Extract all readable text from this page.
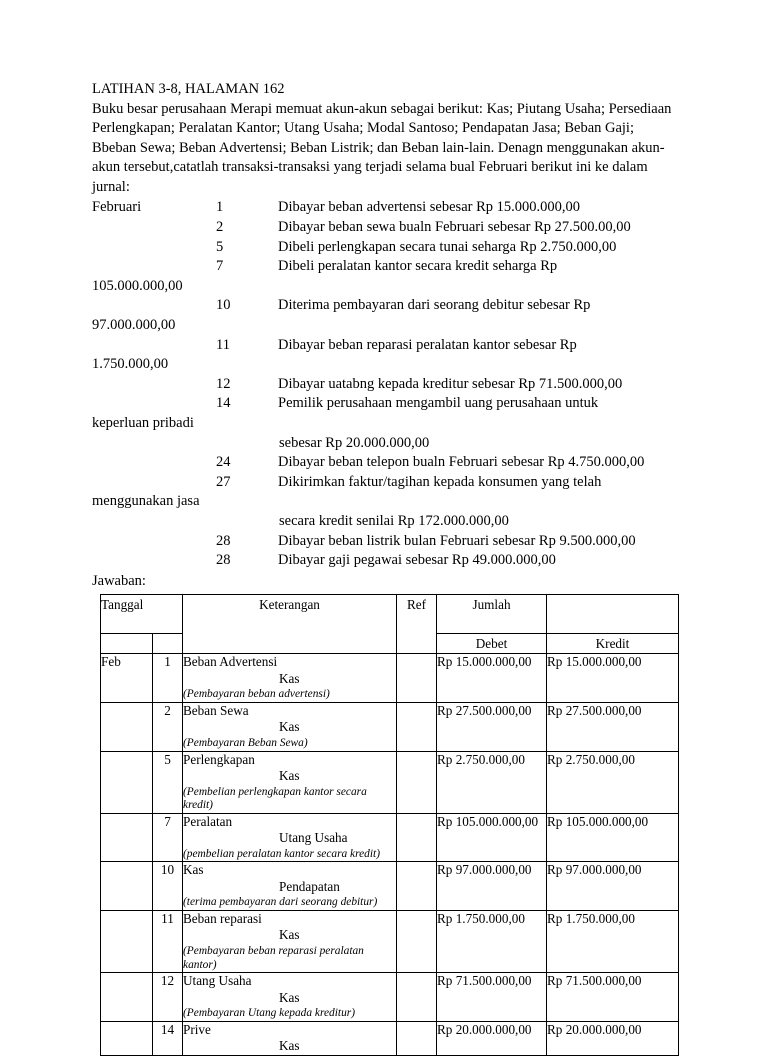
LATIHAN 3-8, HALAMAN 162

Buku besar perusahaan Merapi memuat akun-akun sebagai berikut: Kas; Piutang Usaha; Persediaan Perlengkapan; Peralatan Kantor; Utang Usaha; Modal Santoso; Pendapatan Jasa; Beban Gaji; Bbeban Sewa; Beban Advertensi; Beban Listrik; dan Beban lain-lain. Denagn menggunakan akun-akun tersebut,catatlah transaksi-transaksi yang terjadi selama bual Februari berikut ini ke dalam jurnal:

Februari	1	Dibayar beban advertensi sebesar Rp 15.000.000,00
2	Dibayar beban sewa bualn Februari sebesar Rp 27.500.00,00
5	Dibeli perlengkapan secara tunai seharga Rp 2.750.000,00
7	Dibeli peralatan kantor secara kredit seharga Rp
105.000.000,00
10	Diterima pembayaran dari seorang debitur sebesar Rp
97.000.000,00
11	Dibayar beban reparasi peralatan kantor sebesar Rp
1.750.000,00
12	Dibayar uatabng kepada kreditur sebesar Rp 71.500.000,00
14	Pemilik perusahaan mengambil uang perusahaan untuk
keperluan pribadi
sebesar Rp 20.000.000,00
24	Dibayar beban telepon bualn Februari sebesar Rp 4.750.000,00
27	Dikirimkan faktur/tagihan kepada konsumen yang telah
menggunakan jasa
secara kredit senilai Rp 172.000.000,00
28	Dibayar beban listrik bulan Februari sebesar Rp 9.500.000,00
28	Dibayar gaji pegawai sebesar Rp 49.000.000,00
Jawaban:
Tanggal		Keterangan	Ref	Jumlah	
				Debet	Kredit
Feb	1	Beban Advertensi
Kas
(Pembayaran beban advertensi)		Rp 15.000.000,00	Rp 15.000.000,00
	2	Beban Sewa
Kas
(Pembayaran Beban Sewa)		Rp 27.500.000,00	Rp 27.500.000,00
	5	Perlengkapan
Kas
(Pembelian perlengkapan kantor secara kredit)		Rp 2.750.000,00	Rp 2.750.000,00
	7	Peralatan
Utang Usaha
(pembelian peralatan kantor secara kredit)		Rp 105.000.000,00	Rp 105.000.000,00
	10	Kas
Pendapatan
(terima pembayaran dari seorang debitur)		Rp 97.000.000,00	Rp 97.000.000,00
	11	Beban reparasi
Kas
(Pembayaran beban reparasi peralatan kantor)		Rp 1.750.000,00	Rp 1.750.000,00
	12	Utang Usaha
Kas
(Pembayaran Utang kepada kreditur)		Rp 71.500.000,00	Rp 71.500.000,00
	14	Prive
Kas		Rp 20.000.000,00	Rp 20.000.000,00
